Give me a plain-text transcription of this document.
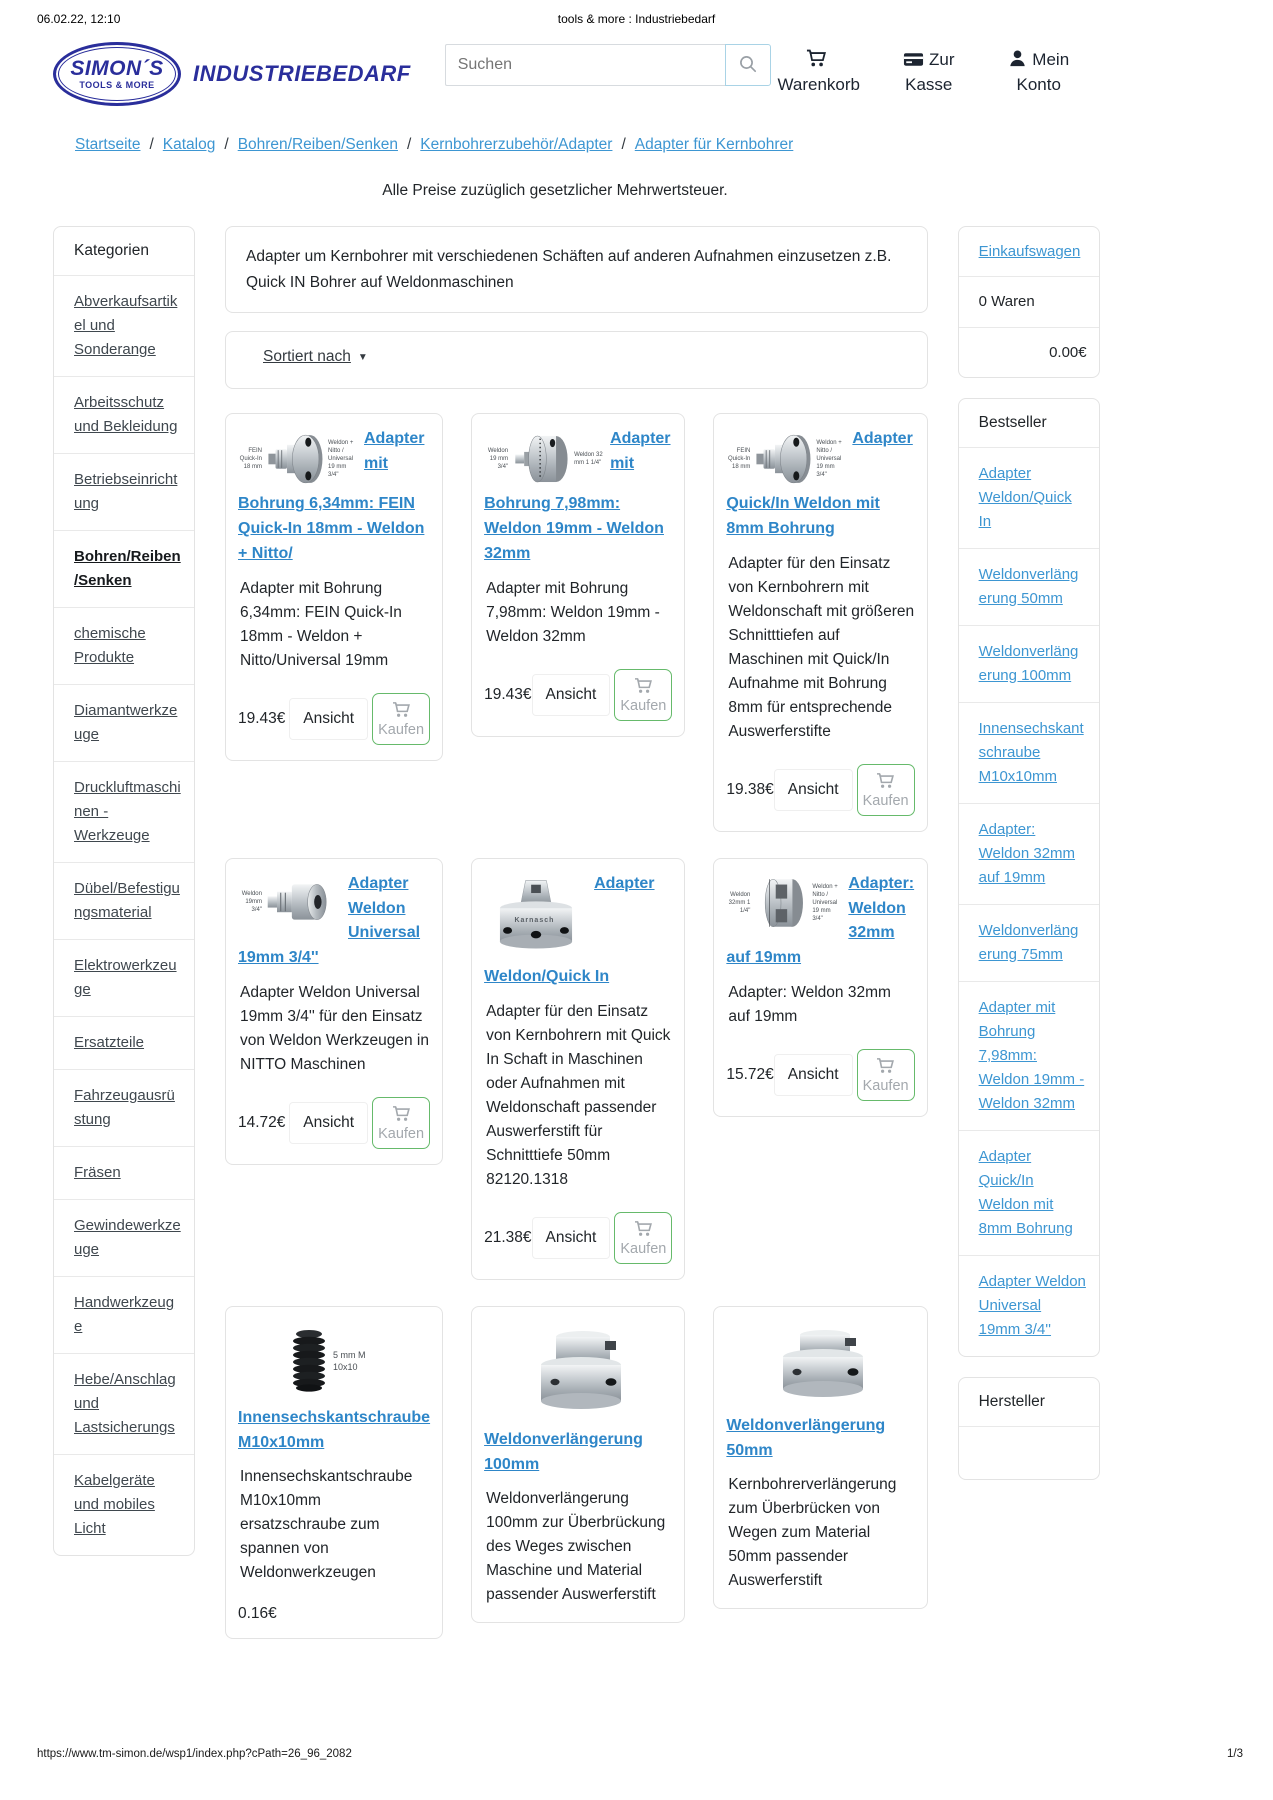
06.02.22, 12:10	tools & more : Industriebedarf
SIMON´S
TOOLS & MORE INDUSTRIEBEDARF
Suchen	Warenkorb
Zur Kasse
Mein Konto
Startseite / Katalog / Bohren/Reiben/Senken / Kernbohrerzubehör/Adapter / Adapter für Kernbohrer

Alle Preise zuzüglich gesetzlicher Mehrwertsteuer.

Kategorien
Abverkaufsartikel und Sonderange
Arbeitsschutz und Bekleidung
Betriebseinrichtung
Bohren/Reiben/Senken
chemische Produkte
Diamantwerkzeuge
Druckluftmaschinen - Werkzeuge
Dübel/Befestigungsmaterial
Elektrowerkzeuge
Ersatzteile
Fahrzeugausrüstung
Fräsen
Gewindewerkzeuge
Handwerkzeuge
Hebe/Anschlag und Lastsicherungs
Kabelgeräte und mobiles Licht
Adapter um Kernbohrer mit verschiedenen Schäften auf anderen Aufnahmen einzusetzen z.B. Quick IN Bohrer auf Weldonmaschinen
Sortiert nach ▼
FEIN Quick-In 18 mm
Weldon + Nitto / Universal 19 mm 3/4"
Adapter mit Bohrung 6,34mm: FEIN Quick-In 18mm - Weldon + Nitto/

Adapter mit Bohrung 6,34mm: FEIN Quick-In 18mm - Weldon + Nitto/Universal 19mm

19.43€	Ansicht
Kaufen
Weldon 19 mm 3/4"
Weldon 32 mm 1 1/4"
Adapter mit Bohrung 7,98mm: Weldon 19mm - Weldon 32mm

Adapter mit Bohrung 7,98mm: Weldon 19mm - Weldon 32mm

19.43€ Ansicht
Kaufen
FEIN Quick-In 18 mm
Weldon + Nitto / Universal 19 mm 3/4"
Adapter Quick/In Weldon mit 8mm Bohrung

Adapter für den Einsatz von Kernbohrern mit Weldonschaft mit größeren Schnitttiefen auf Maschinen mit Quick/In Aufnahme mit Bohrung 8mm für entsprechende Auswerferstifte

19.38€ Ansicht
Kaufen
Weldon 19mm 3/4"
Adapter Weldon Universal 19mm 3/4''

Adapter Weldon Universal 19mm 3/4'' für den Einsatz von Weldon Werkzeugen in NITTO Maschinen

14.72€	Ansicht
Kaufen
Karnasch
Adapter Weldon/Quick In

Adapter für den Einsatz von Kernbohrern mit Quick In Schaft in Maschinen oder Aufnahmen mit Weldonschaft passender Auswerferstift für Schnitttiefe 50mm 82120.1318

21.38€ Ansicht
Kaufen
Weldon 32mm 1 1/4"
Weldon + Nitto / Universal 19 mm 3/4"
Adapter: Weldon 32mm auf 19mm

Adapter: Weldon 32mm auf 19mm

15.72€ Ansicht
Kaufen
5 mm M 10x10
Innensechskantschraube M10x10mm

Innensechskantschraube M10x10mm ersatzschraube zum spannen von Weldonwerkzeugen

0.16€
Weldonverlängerung 100mm

Weldonverlängerung 100mm zur Überbrückung des Weges zwischen Maschine und Material passender Auswerferstift

Weldonverlängerung 50mm

Kernbohrerverlängerung zum Überbrücken von Wegen zum Material 50mm passender Auswerferstift

Einkaufswagen
0 Waren
0.00€
Bestseller
Adapter Weldon/Quick In
Weldonverlängerung 50mm
Weldonverlängerung 100mm
Innensechskantschraube M10x10mm
Adapter: Weldon 32mm auf 19mm
Weldonverlängerung 75mm
Adapter mit Bohrung 7,98mm: Weldon 19mm - Weldon 32mm
Adapter Quick/In Weldon mit 8mm Bohrung
Adapter Weldon Universal 19mm 3/4''
Hersteller
https://www.tm-simon.de/wsp1/index.php?cPath=26_96_2082	1/3
